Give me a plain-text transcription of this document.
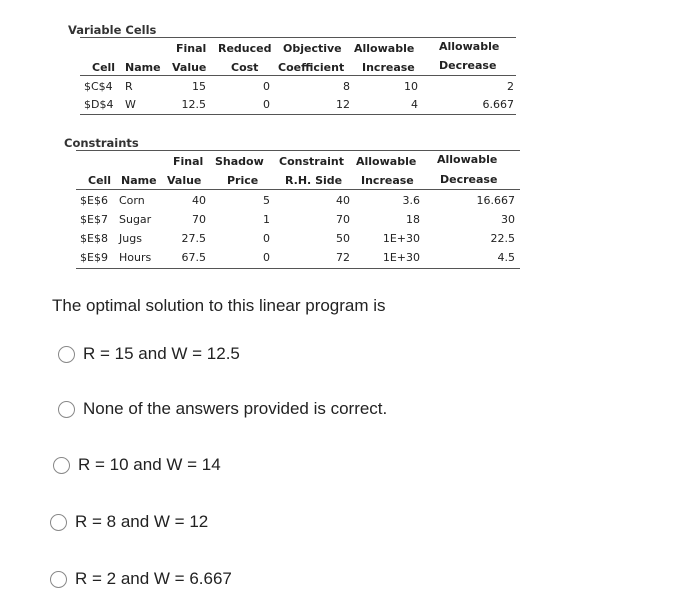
Variable Cells
Final Reduced Objective Allowable Allowable
Cell Name Value Cost Coefficient Increase Decrease
$C$4 R	15	0	8	10	2
$D$4 W	12.5	0	12	4	6.667
Constraints
Final Shadow Constraint Allowable Allowable
Cell Name Value Price R.H. Side Increase Decrease
$E$6 Corn	40	5	40	3.6	16.667
$E$7 Sugar	70	1	70	18	30
$E$8 Jugs	27.5	0	50	1E+30	22.5
$E$9 Hours	67.5	0	72	1E+30	4.5
The optimal solution to this linear program is
R = 15 and W = 12.5
None of the answers provided is correct.
R = 10 and W = 14
R = 8 and W = 12
R = 2 and W = 6.667
